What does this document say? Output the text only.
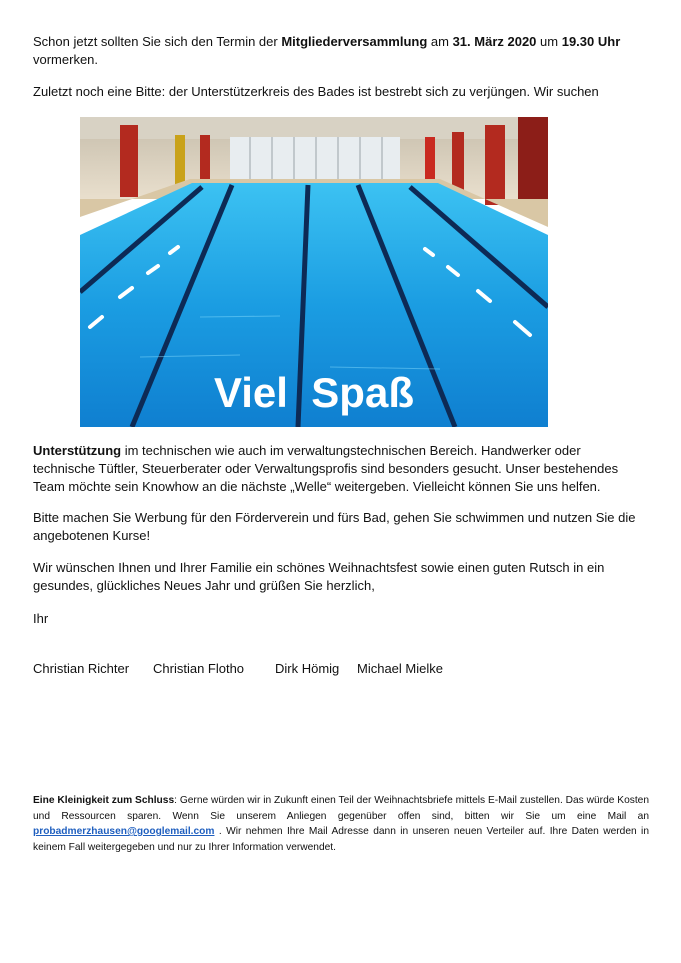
Schon jetzt sollten Sie sich den Termin der Mitgliederversammlung am 31. März 2020 um 19.30 Uhr vormerken.

Zuletzt noch eine Bitte: der Unterstützerkreis des Bades ist bestrebt sich zu verjüngen. Wir suchen

Viel  Spaß

Unterstützung im technischen wie auch im verwaltungstechnischen Bereich. Handwerker oder technische Tüftler, Steuerberater oder Verwaltungsprofis sind besonders gesucht. Unser bestehendes Team möchte sein Knowhow an die nächste „Welle“ weitergeben. Vielleicht können Sie uns helfen.

Bitte machen Sie Werbung für den Förderverein und fürs Bad, gehen Sie schwimmen und nutzen Sie die angebotenen Kurse!

Wir wünschen Ihnen und Ihrer Familie ein schönes Weihnachtsfest sowie einen guten Rutsch in ein gesundes, glückliches Neues Jahr und grüßen Sie herzlich,

Ihr

Christian Richter Christian Flotho Dirk Hömig Michael Mielke

Eine Kleinigkeit zum Schluss: Gerne würden wir in Zukunft einen Teil der Weihnachtsbriefe mittels E-Mail zustellen. Das würde Kosten und Ressourcen sparen. Wenn Sie unserem Anliegen gegenüber offen sind, bitten wir Sie um eine Mail an probadmerzhausen@googlemail.com . Wir nehmen Ihre Mail Adresse dann in unseren neuen Verteiler auf. Ihre Daten werden in keinem Fall weitergegeben und nur zu Ihrer Information verwendet.
